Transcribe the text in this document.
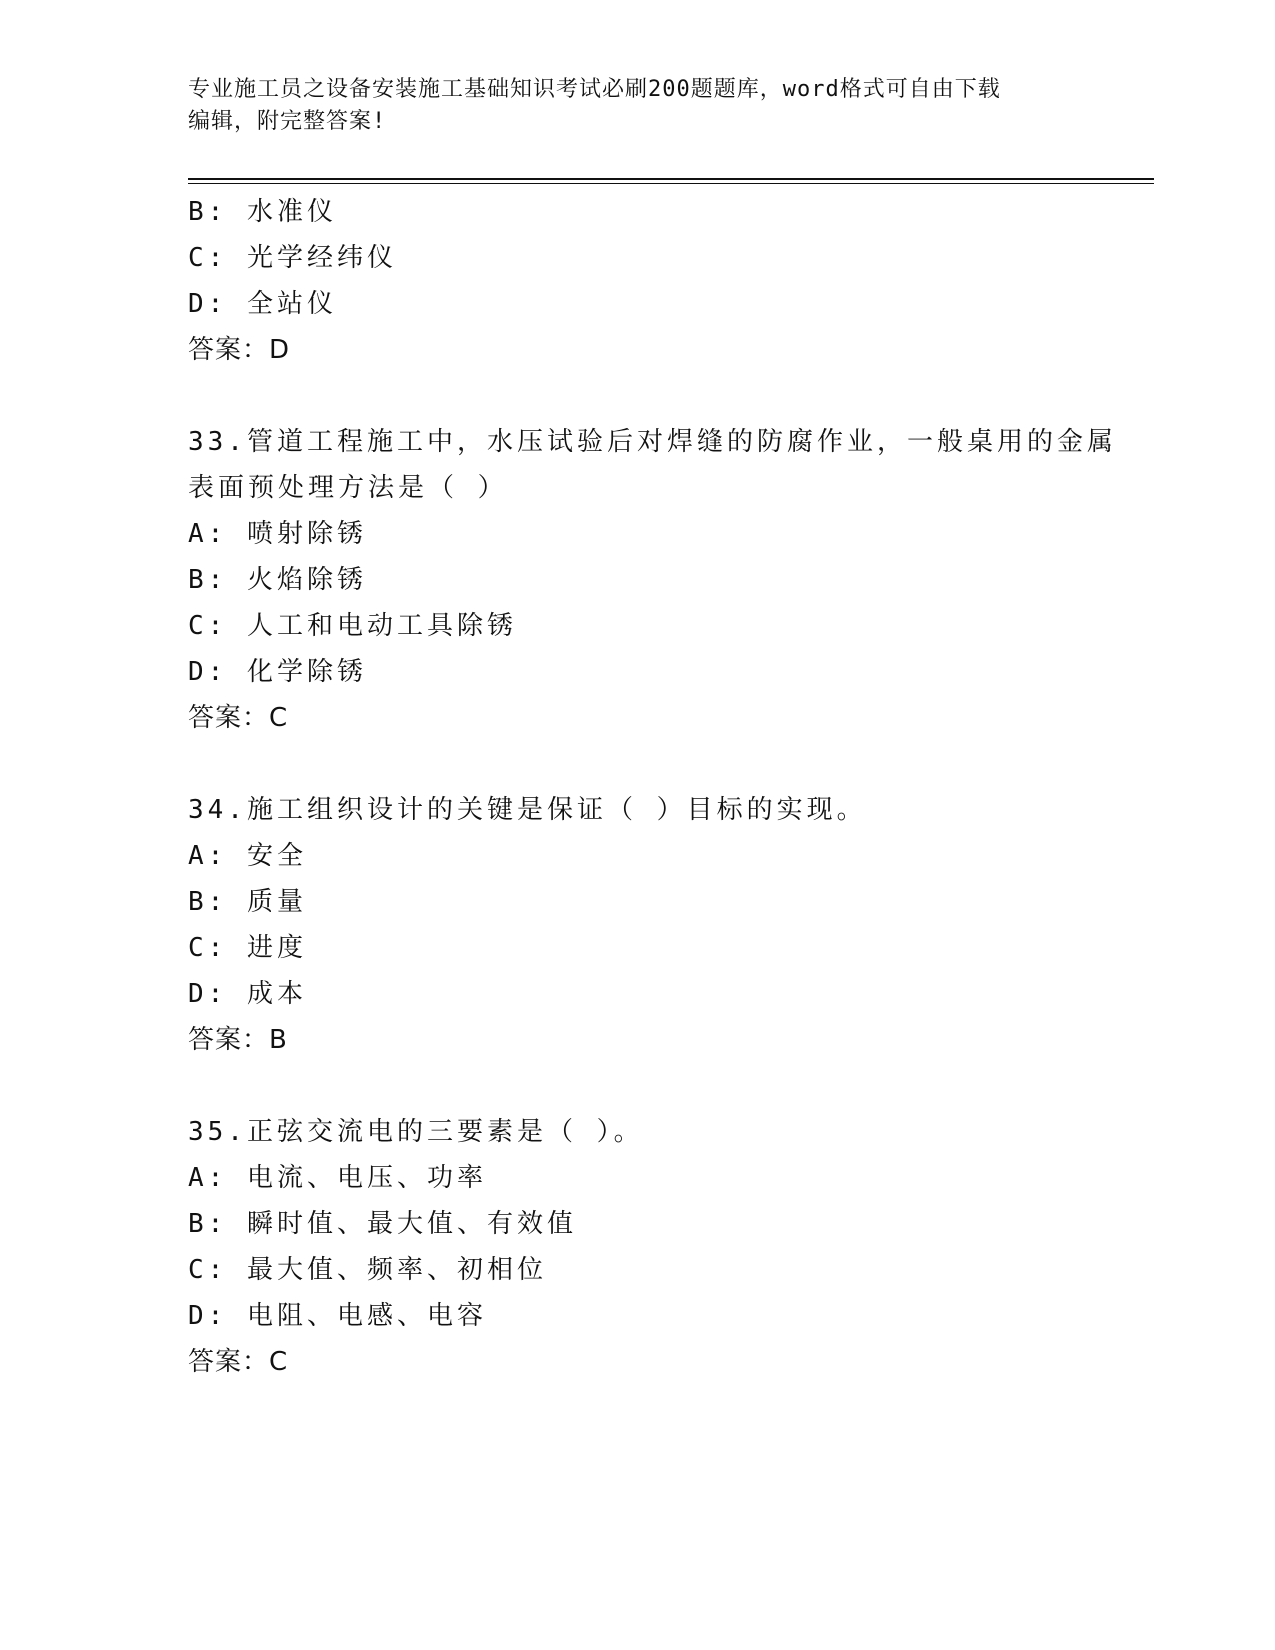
专业施工员之设备安装施工基础知识考试必刷200题题库，word格式可自由下载
编辑，附完整答案!
B: 水准仪
C: 光学经纬仪
D: 全站仪
答案：D
33.管道工程施工中，水压试验后对焊缝的防腐作业，一般桌用的金属
表面预处理方法是（ ）
A: 喷射除锈
B: 火焰除锈
C: 人工和电动工具除锈
D: 化学除锈
答案：C
34.施工组织设计的关键是保证（ ）目标的实现。
A: 安全
B: 质量
C: 进度
D: 成本
答案：B
35.正弦交流电的三要素是（ ）。
A: 电流、电压、功率
B: 瞬时值、最大值、有效值
C: 最大值、频率、初相位
D: 电阻、电感、电容
答案：C
